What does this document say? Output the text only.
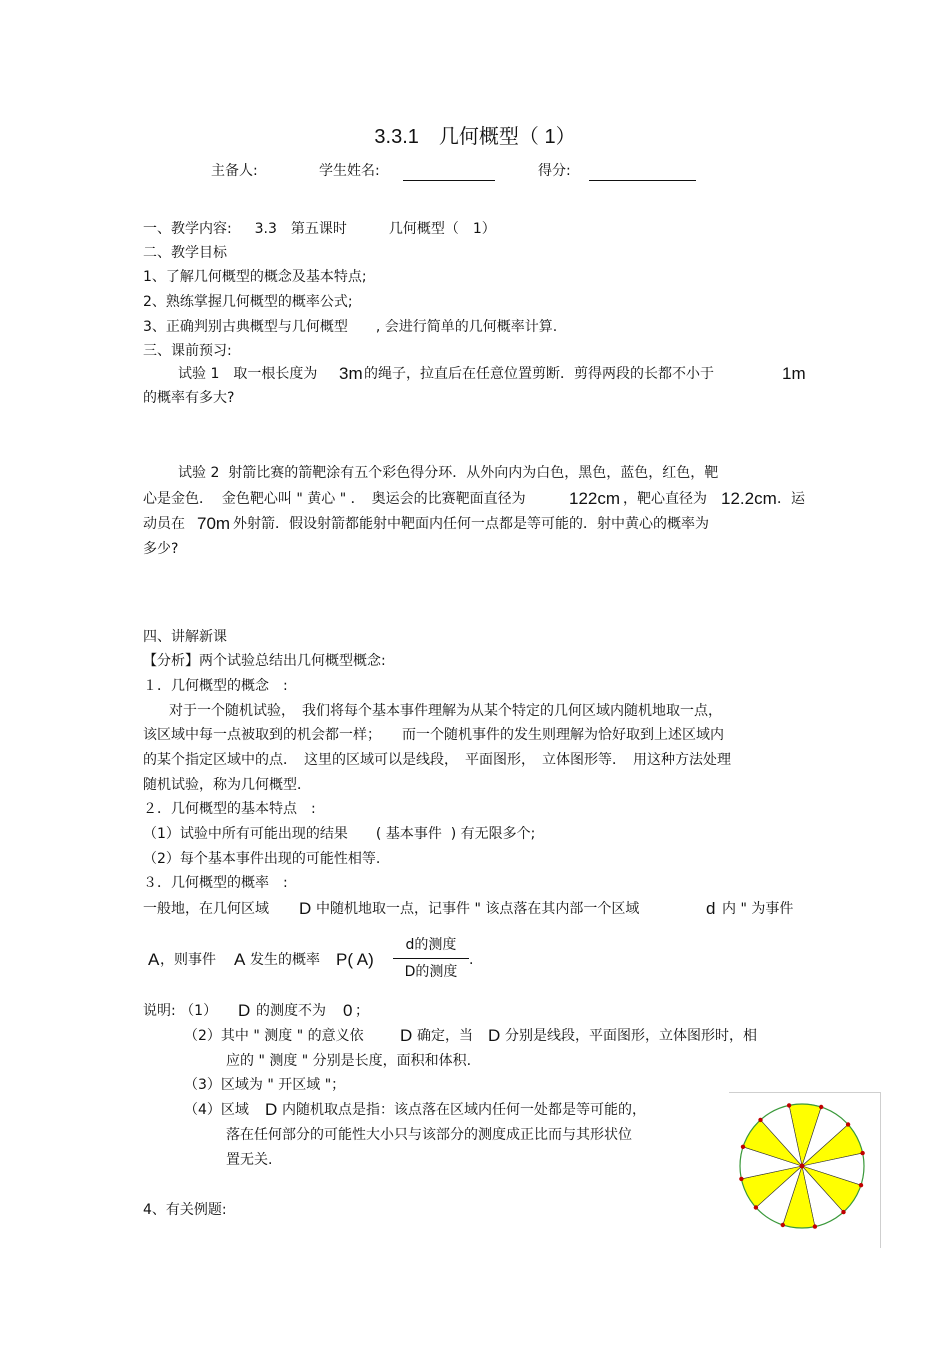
3.3.1　几何概型（ 1）
主备人:	学生姓名:	得分:
一、教学内容:　  3.3　第五课时　　　几何概型（　1）
二、教学目标
1、了解几何概型的概念及基本特点;
2、熟练掌握几何概型的概率公式;
3、正确判别古典概型与几何概型　　, 会进行简单的几何概率计算.
三、课前预习:
试验 1　取一根长度为 3m 的绳子，拉直后在任意位置剪断．剪得两段的长都不小于	1m
的概率有多大?
试验 2  射箭比赛的箭靶涂有五个彩色得分环．从外向内为白色，黑色，蓝色，红色，靶
心是金色．  金色靶心叫 " 黄心 " ．　奥运会的比赛靶面直径为	122cm ，靶心直径为 12.2cm ．运
动员在 70m 外射箭．假设射箭都能射中靶面内任何一点都是等可能的．射中黄心的概率为
多少?
四、讲解新课
【分析】两个试验总结出几何概型概念:
１．几何概型的概念　:
对于一个随机试验，　我们将每个基本事件理解为从某个特定的几何区域内随机地取一点，
该区域中每一点被取到的机会都一样；　　而一个随机事件的发生则理解为恰好取到上述区域内
的某个指定区域中的点．　这里的区域可以是线段，　平面图形，　立体图形等．　用这种方法处理
随机试验，称为几何概型．
２．几何概型的基本特点　:
（1）试验中所有可能出现的结果　　( 基本事件  ) 有无限多个;
（2）每个基本事件出现的可能性相等.
３．几何概型的概率　:
一般地，在几何区域 D 中随机地取一点，记事件 " 该点落在其内部一个区域	d 内 " 为事件
A ，则事件 A 发生的概率 P( A)
d的测度
D的测度
.
说明: （1） D 的测度不为 0 ；
（2）其中 " 测度 " 的意义依 D 确定，当 D 分别是线段，平面图形，立体图形时，相
应的 " 测度 " 分别是长度，面积和体积.
（3）区域为 " 开区域 "；
（4）区域 D 内随机取点是指：该点落在区域内任何一处都是等可能的，
落在任何部分的可能性大小只与该部分的测度成正比而与其形状位
置无关.
4、有关例题:
